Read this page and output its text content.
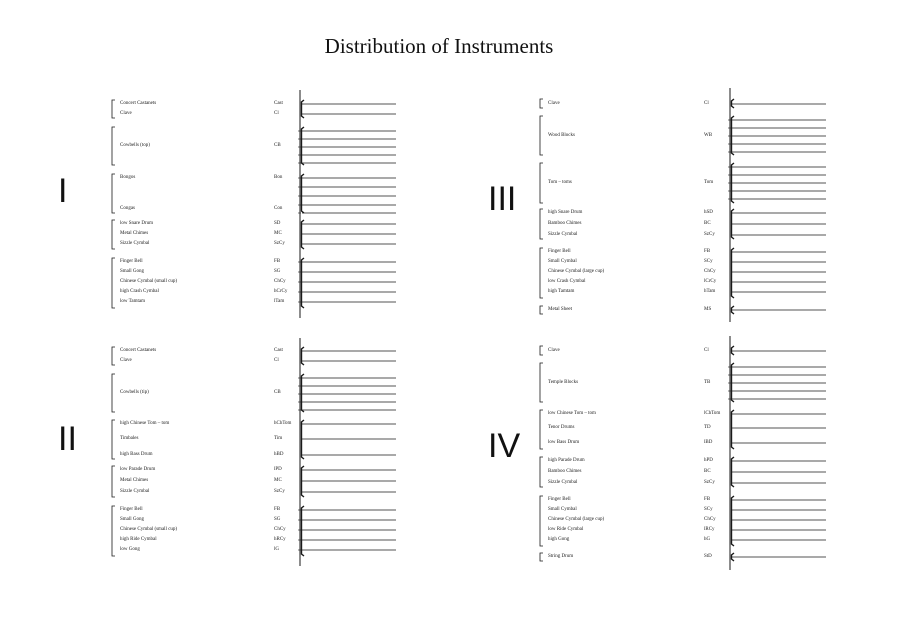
Distribution of Instruments
I
Concert Castanets	Cast
Clave	Cl
Cowbells (top)	CB
Bongos	Bon
Congas	Con
low Snare Drum	SD
Metal Chimes	MC
Sizzle Cymbal	SzCy
Finger Bell	FB
Small Gong	SG
Chinese Cymbal (small cup)	ChCy
high Crash Cymbal	hCrCy
low Tamtam	lTam
II
Concert Castanets	Cast
Clave	Cl
Cowbells (tip)	CB
high Chinese Tom – tom	hChTom
Timbales	Tim
high Bass Drum	hBD
low Parade Drum	lPD
Metal Chimes	MC
Sizzle Cymbal	SzCy
Finger Bell	FB
Small Gong	SG
Chinese Cymbal (small cup)	ChCy
high Ride Cymbal	hRCy
low Gong	lG
III
Clave	Cl
Wood Blocks	WB
Tom – toms	Tom
high Snare Drum	hSD
Bamboo Chimes	BC
Sizzle Cymbal	SzCy
Finger Bell	FB
Small Cymbal	SCy
Chinese Cymbal (large cup)	ChCy
low Crash Cymbal	lCrCy
high Tamtam	hTam
Metal Sheet	MS
IV
Clave	Cl
Temple Blocks	TB
low Chinese Tom – tom	lChTom
Tenor Drums	TD
low Bass Drum	lBD
high Parade Drum	hPD
Bamboo Chimes	BC
Sizzle Cymbal	SzCy
Finger Bell	FB
Small Cymbal	SCy
Chinese Cymbal (large cup)	ChCy
low Ride Cymbal	lRCy
high Gong	hG
String Drum	StD
